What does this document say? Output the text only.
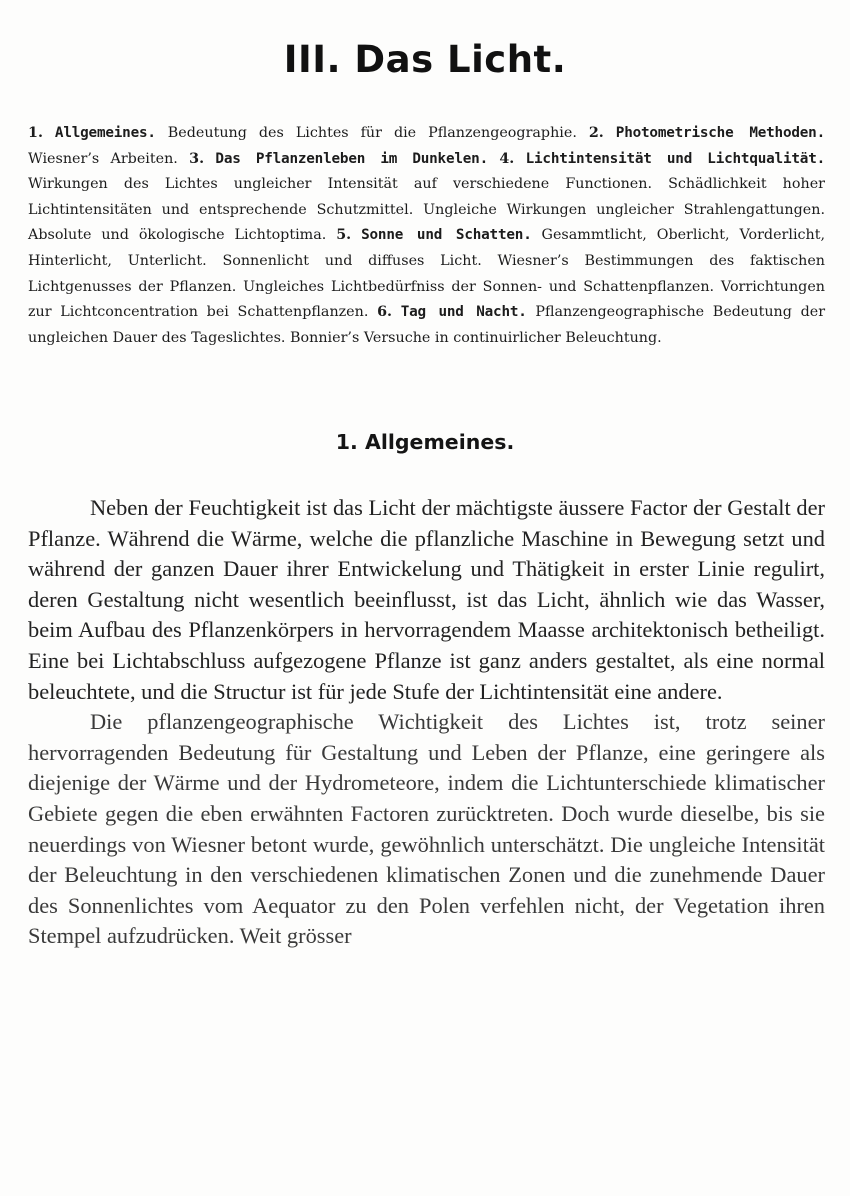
III. Das Licht.
1. Allgemeines. Bedeutung des Lichtes für die Pflanzengeographie. 2. Photometrische Methoden. Wiesner’s Arbeiten. 3. Das Pflanzenleben im Dunkelen. 4. Lichtintensität und Lichtqualität. Wirkungen des Lichtes ungleicher Intensität auf verschiedene Functionen. Schädlichkeit hoher Lichtintensitäten und entsprechende Schutzmittel. Ungleiche Wirkungen ungleicher Strahlengattungen. Absolute und ökologische Lichtoptima. 5. Sonne und Schatten. Gesammtlicht, Oberlicht, Vorderlicht, Hinterlicht, Unterlicht. Sonnenlicht und diffuses Licht. Wiesner’s Bestimmungen des faktischen Lichtgenusses der Pflanzen. Ungleiches Lichtbedürfniss der Sonnen- und Schattenpflanzen. Vorrichtungen zur Lichtconcentration bei Schattenpflanzen. 6. Tag und Nacht. Pflanzengeographische Bedeutung der ungleichen Dauer des Tageslichtes. Bonnier’s Versuche in continuirlicher Beleuchtung.
1. Allgemeines.

Neben der Feuchtigkeit ist das Licht der mächtigste äussere Factor der Gestalt der Pflanze. Während die Wärme, welche die pflanzliche Maschine in Bewegung setzt und während der ganzen Dauer ihrer Entwickelung und Thätigkeit in erster Linie regulirt, deren Gestaltung nicht wesentlich beeinflusst, ist das Licht, ähnlich wie das Wasser, beim Aufbau des Pflanzenkörpers in hervorragendem Maasse architektonisch betheiligt. Eine bei Lichtabschluss aufgezogene Pflanze ist ganz anders gestaltet, als eine normal beleuchtete, und die Structur ist für jede Stufe der Lichtintensität eine andere.

Die pflanzengeographische Wichtigkeit des Lichtes ist, trotz seiner hervorragenden Bedeutung für Gestaltung und Leben der Pflanze, eine geringere als diejenige der Wärme und der Hydrometeore, indem die Lichtunterschiede klimatischer Gebiete gegen die eben erwähnten Factoren zurücktreten. Doch wurde dieselbe, bis sie neuerdings von Wiesner betont wurde, gewöhnlich unterschätzt. Die ungleiche Intensität der Beleuchtung in den verschiedenen klimatischen Zonen und die zunehmende Dauer des Sonnenlichtes vom Aequator zu den Polen verfehlen nicht, der Vegetation ihren Stempel aufzudrücken. Weit grösser
